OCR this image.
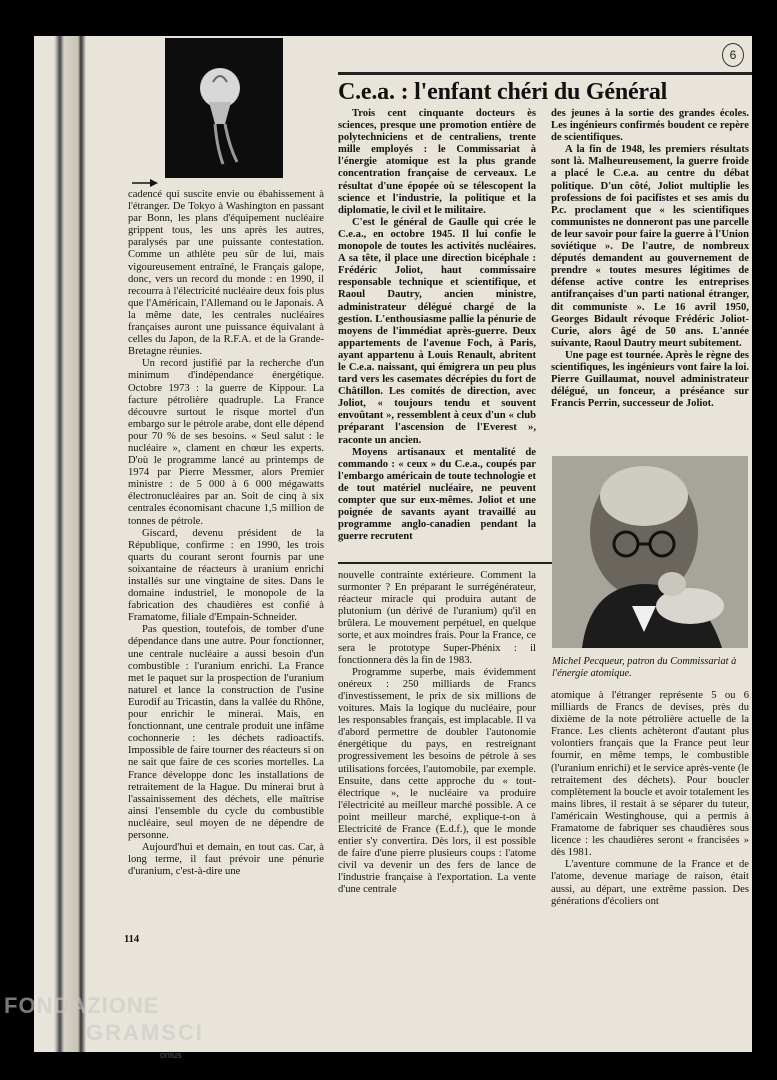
6
C.e.a. : l'enfant chéri du Général

cadencé qui suscite envie ou ébahissement à l'étranger. De Tokyo à Washington en passant par Bonn, les plans d'équipement nucléaire grippent tous, les uns après les autres, paralysés par une puissante contestation. Comme un athlète peu sûr de lui, mais vigoureusement entraîné, le Français galope, donc, vers un record du monde : en 1990, il recourra à l'électricité nucléaire deux fois plus que l'Américain, l'Allemand ou le Japonais. A la même date, les centrales nucléaires françaises auront une puissance équivalant à celles du Japon, de la R.F.A. et de la Grande-Bretagne réunies.

Un record justifié par la recherche d'un minimum d'indépendance énergétique. Octobre 1973 : la guerre de Kippour. La facture pétrolière quadruple. La France découvre surtout le risque mortel d'un embargo sur le pétrole arabe, dont elle dépend pour 70 % de ses besoins. « Seul salut : le nucléaire », clament en chœur les experts. D'où le programme lancé au printemps de 1974 par Pierre Messmer, alors Premier ministre : de 5 000 à 6 000 mégawatts électronucléaires par an. Soit de cinq à six centrales économisant chacune 1,5 million de tonnes de pétrole.

Giscard, devenu président de la République, confirme : en 1990, les trois quarts du courant seront fournis par une soixantaine de réacteurs à uranium enrichi installés sur une vingtaine de sites. Dans le domaine industriel, le monopole de la fabrication des chaudières est confié à Framatome, filiale d'Empain-Schneider.

Pas question, toutefois, de tomber d'une dépendance dans une autre. Pour fonctionner, une centrale nucléaire a aussi besoin d'un combustible : l'uranium enrichi. La France met le paquet sur la prospection de l'uranium naturel et lance la construction de l'usine Eurodif au Tricastin, dans la vallée du Rhône, pour enrichir le minerai. Mais, en fonctionnant, une centrale produit une infâme cochonnerie : les déchets radioactifs. Impossible de faire tourner des réacteurs si on ne sait que faire de ces scories mortelles. La France développe donc les installations de retraitement de la Hague. Du minerai brut à l'assainissement des déchets, elle maîtrise ainsi l'ensemble du cycle du combustible nucléaire, seul moyen de ne dépendre de personne.

Aujourd'hui et demain, en tout cas. Car, à long terme, il faut prévoir une pénurie d'uranium, c'est-à-dire une

Trois cent cinquante docteurs ès sciences, presque une promotion entière de polytechniciens et de centraliens, trente mille employés : le Commissariat à l'énergie atomique est la plus grande concentration française de cerveaux. Le résultat d'une épopée où se télescopent la science et l'industrie, la politique et la diplomatie, le civil et le militaire.

C'est le général de Gaulle qui crée le C.e.a., en octobre 1945. Il lui confie le monopole de toutes les activités nucléaires. A sa tête, il place une direction bicéphale : Frédéric Joliot, haut commissaire responsable technique et scientifique, et Raoul Dautry, ancien ministre, administrateur délégué chargé de la gestion. L'enthousiasme pallie la pénurie de moyens de l'immédiat après-guerre. Deux appartements de l'avenue Foch, à Paris, ayant appartenu à Louis Renault, abritent le C.e.a. naissant, qui émigrera un peu plus tard vers les casemates décrépies du fort de Châtillon. Les comités de direction, avec Joliot, « toujours tendu et souvent envoûtant », ressemblent à ceux d'un « club préparant l'ascension de l'Everest », raconte un ancien.

Moyens artisanaux et mentalité de commando : « ceux » du C.e.a., coupés par l'embargo américain de toute technologie et de tout matériel nucléaire, ne peuvent compter que sur eux-mêmes. Joliot et une poignée de savants ayant travaillé au programme anglo-canadien pendant la guerre recrutent

nouvelle contrainte extérieure. Comment la surmonter ? En préparant le surrégénérateur, réacteur miracle qui produira autant de plutonium (un dérivé de l'uranium) qu'il en brûlera. Le mouvement perpétuel, en quelque sorte, et aux moindres frais. Pour la France, ce sera le prototype Super-Phénix : il fonctionnera dès la fin de 1983.

Programme superbe, mais évidemment onéreux : 250 milliards de Francs d'investissement, le prix de six millions de voitures. Mais la logique du nucléaire, pour les responsables français, est implacable. Il va d'abord permettre de doubler l'autonomie énergétique du pays, en restreignant progressivement les besoins de pétrole à ses utilisations forcées, l'automobile, par exemple. Ensuite, dans cette approche du « tout-électrique », le nucléaire va produire l'électricité au meilleur marché possible. A ce point meilleur marché, explique-t-on à Electricité de France (E.d.f.), que le monde entier s'y convertira. Dès lors, il est possible de faire d'une pierre plusieurs coups : l'atome civil va devenir un des fers de lance de l'industrie française à l'exportation. La vente d'une centrale

des jeunes à la sortie des grandes écoles. Les ingénieurs confirmés boudent ce repère de scientifiques.

A la fin de 1948, les premiers résultats sont là. Malheureusement, la guerre froide a placé le C.e.a. au centre du débat politique. D'un côté, Joliot multiplie les professions de foi pacifistes et ses amis du P.c. proclament que « les scientifiques communistes ne donneront pas une parcelle de leur savoir pour faire la guerre à l'Union soviétique ». De l'autre, de nombreux députés demandent au gouvernement de prendre « toutes mesures légitimes de défense active contre les entreprises antifrançaises d'un parti national étranger, dit communiste ». Le 16 avril 1950, Georges Bidault révoque Frédéric Joliot-Curie, alors âgé de 50 ans. L'année suivante, Raoul Dautry meurt subitement.

Une page est tournée. Après le règne des scientifiques, les ingénieurs vont faire la loi. Pierre Guillaumat, nouvel administrateur délégué, un fonceur, a préséance sur Francis Perrin, successeur de Joliot.

Michel Pecqueur, patron du Commissariat à l'énergie atomique.

atomique à l'étranger représente 5 ou 6 milliards de Francs de devises, près du dixième de la note pétrolière actuelle de la France. Les clients achèteront d'autant plus volontiers français que la France peut leur fournir, en même temps, le combustible (l'uranium enrichi) et le service après-vente (le retraitement des déchets). Pour boucler complètement la boucle et avoir totalement les mains libres, il restait à se séparer du tuteur, l'américain Westinghouse, qui a permis à Framatome de fabriquer ses chaudières sous licence : les chaudières seront « francisées » dès 1981.

L'aventure commune de la France et de l'atome, devenue mariage de raison, était aussi, au départ, une extrême passion. Des générations d'écoliers ont

114

FONDAZIONE

GRAMSCI

onlus
